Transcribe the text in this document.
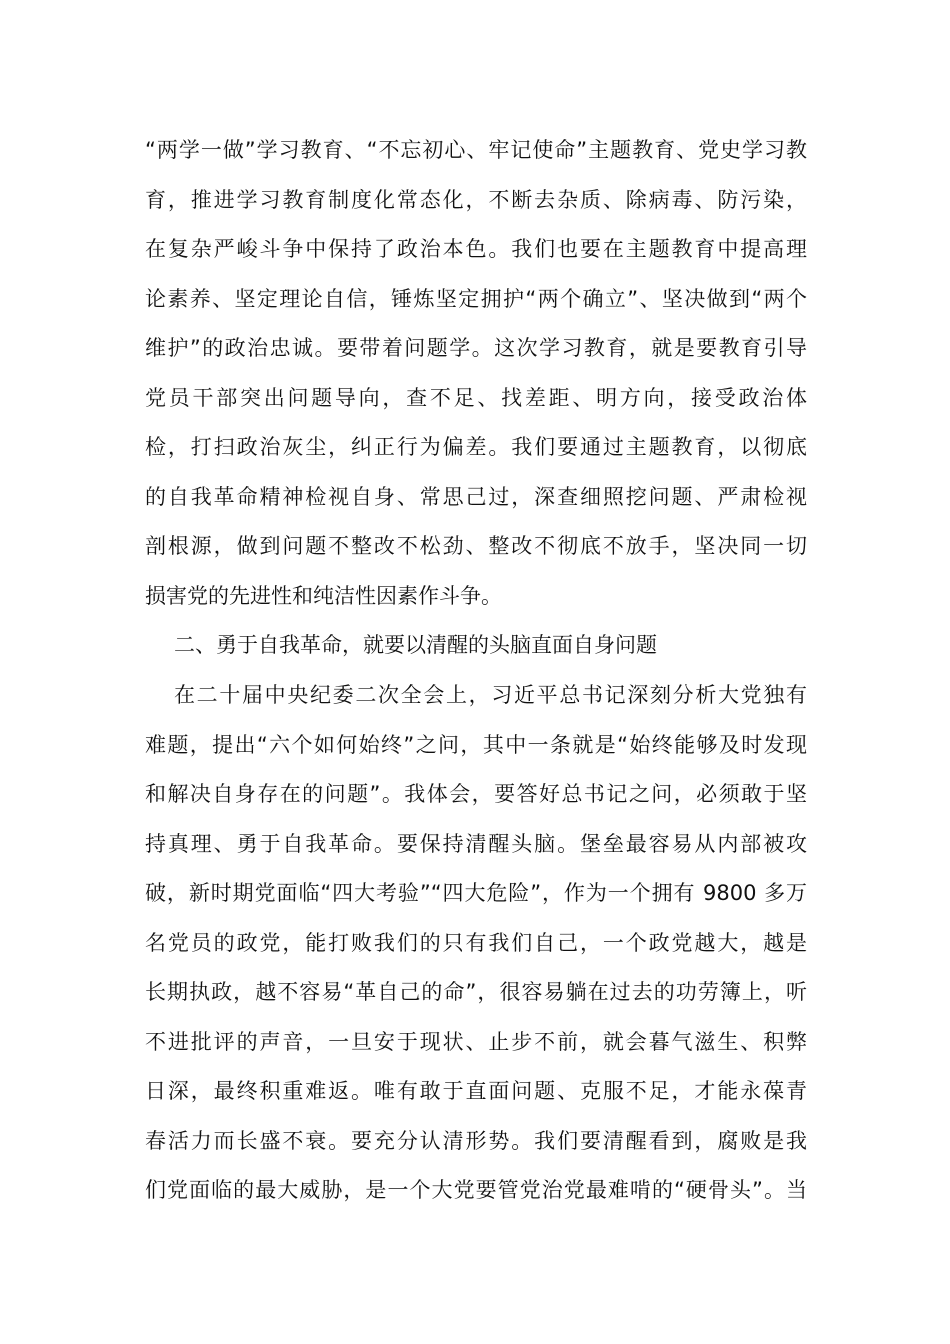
“两学一做”学习教育、“不忘初心、牢记使命”主题教育、党史学习教
育，推进学习教育制度化常态化，不断去杂质、除病毒、防污染，
在复杂严峻斗争中保持了政治本色。我们也要在主题教育中提高理
论素养、坚定理论自信，锤炼坚定拥护“两个确立”、坚决做到“两个
维护”的政治忠诚。要带着问题学。这次学习教育，就是要教育引导
党员干部突出问题导向，查不足、找差距、明方向，接受政治体
检，打扫政治灰尘，纠正行为偏差。我们要通过主题教育，以彻底
的自我革命精神检视自身、常思己过，深查细照挖问题、严肃检视
剖根源，做到问题不整改不松劲、整改不彻底不放手，坚决同一切
损害党的先进性和纯洁性因素作斗争。
二、勇于自我革命，就要以清醒的头脑直面自身问题
在二十届中央纪委二次全会上，习近平总书记深刻分析大党独有
难题，提出“六个如何始终”之问，其中一条就是“始终能够及时发现
和解决自身存在的问题”。我体会，要答好总书记之问，必须敢于坚
持真理、勇于自我革命。要保持清醒头脑。堡垒最容易从内部被攻
破，新时期党面临“四大考验”“四大危险”，作为一个拥有 9800 多万
名党员的政党，能打败我们的只有我们自己，一个政党越大，越是
长期执政，越不容易“革自己的命”，很容易躺在过去的功劳簿上，听
不进批评的声音，一旦安于现状、止步不前，就会暮气滋生、积弊
日深，最终积重难返。唯有敢于直面问题、克服不足，才能永葆青
春活力而长盛不衰。要充分认清形势。我们要清醒看到，腐败是我
们党面临的最大威胁，是一个大党要管党治党最难啃的“硬骨头”。当
